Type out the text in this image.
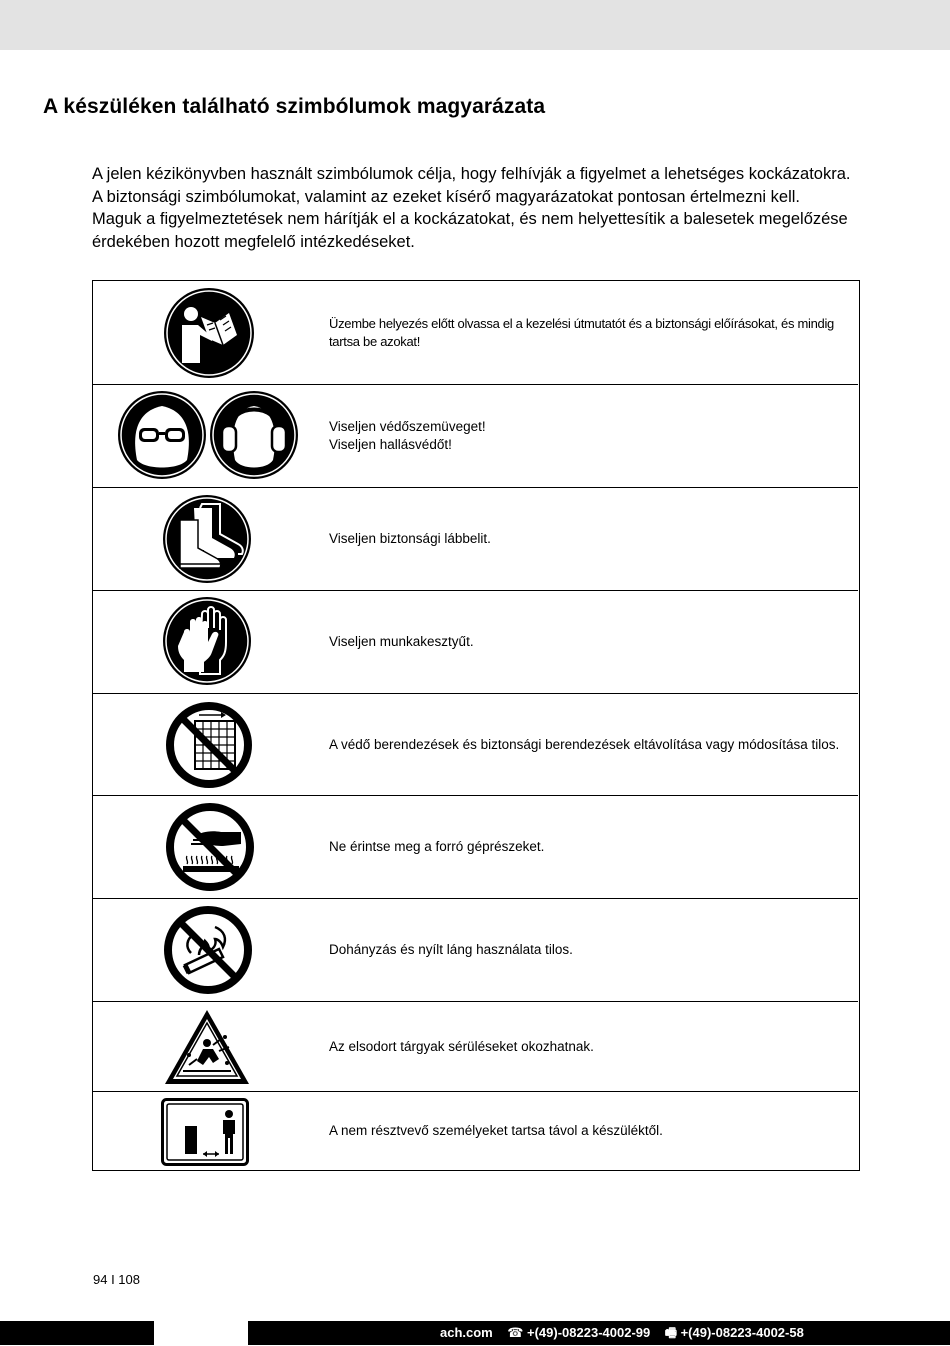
A készüléken található szimbólumok magyarázata

A jelen kézikönyvben használt szimbólumok célja, hogy felhívják a figyelmet a lehetséges kockázatokra. A biztonsági szimbólumokat, valamint az ezeket kísérő magyarázatokat pontosan értelmezni kell. Maguk a figyelmeztetések nem hárítják el a kockázatokat, és nem helyettesítik a balesetek megelőzése érdekében hozott megfelelő intézkedéseket.

Üzembe helyezés előtt olvassa el a kezelési útmutatót és a biztonsági előírásokat, és mindig tartsa be azokat!
Viseljen védőszemüveget!
Viseljen hallásvédőt!
Viseljen biztonsági lábbelit.
Viseljen munkakesztyűt.
A védő berendezések és biztonsági berendezések eltávolítása vagy módosítása tilos.
Ne érintse meg a forró géprészeket.
Dohányzás és nyílt láng használata tilos.
Az elsodort tárgyak sérüléseket okozhatnak.
A nem résztvevő személyeket tartsa távol a készüléktől.
94 I 108
ach.com ☎ +(49)-08223-4002-99 🖷 +(49)-08223-4002-58
